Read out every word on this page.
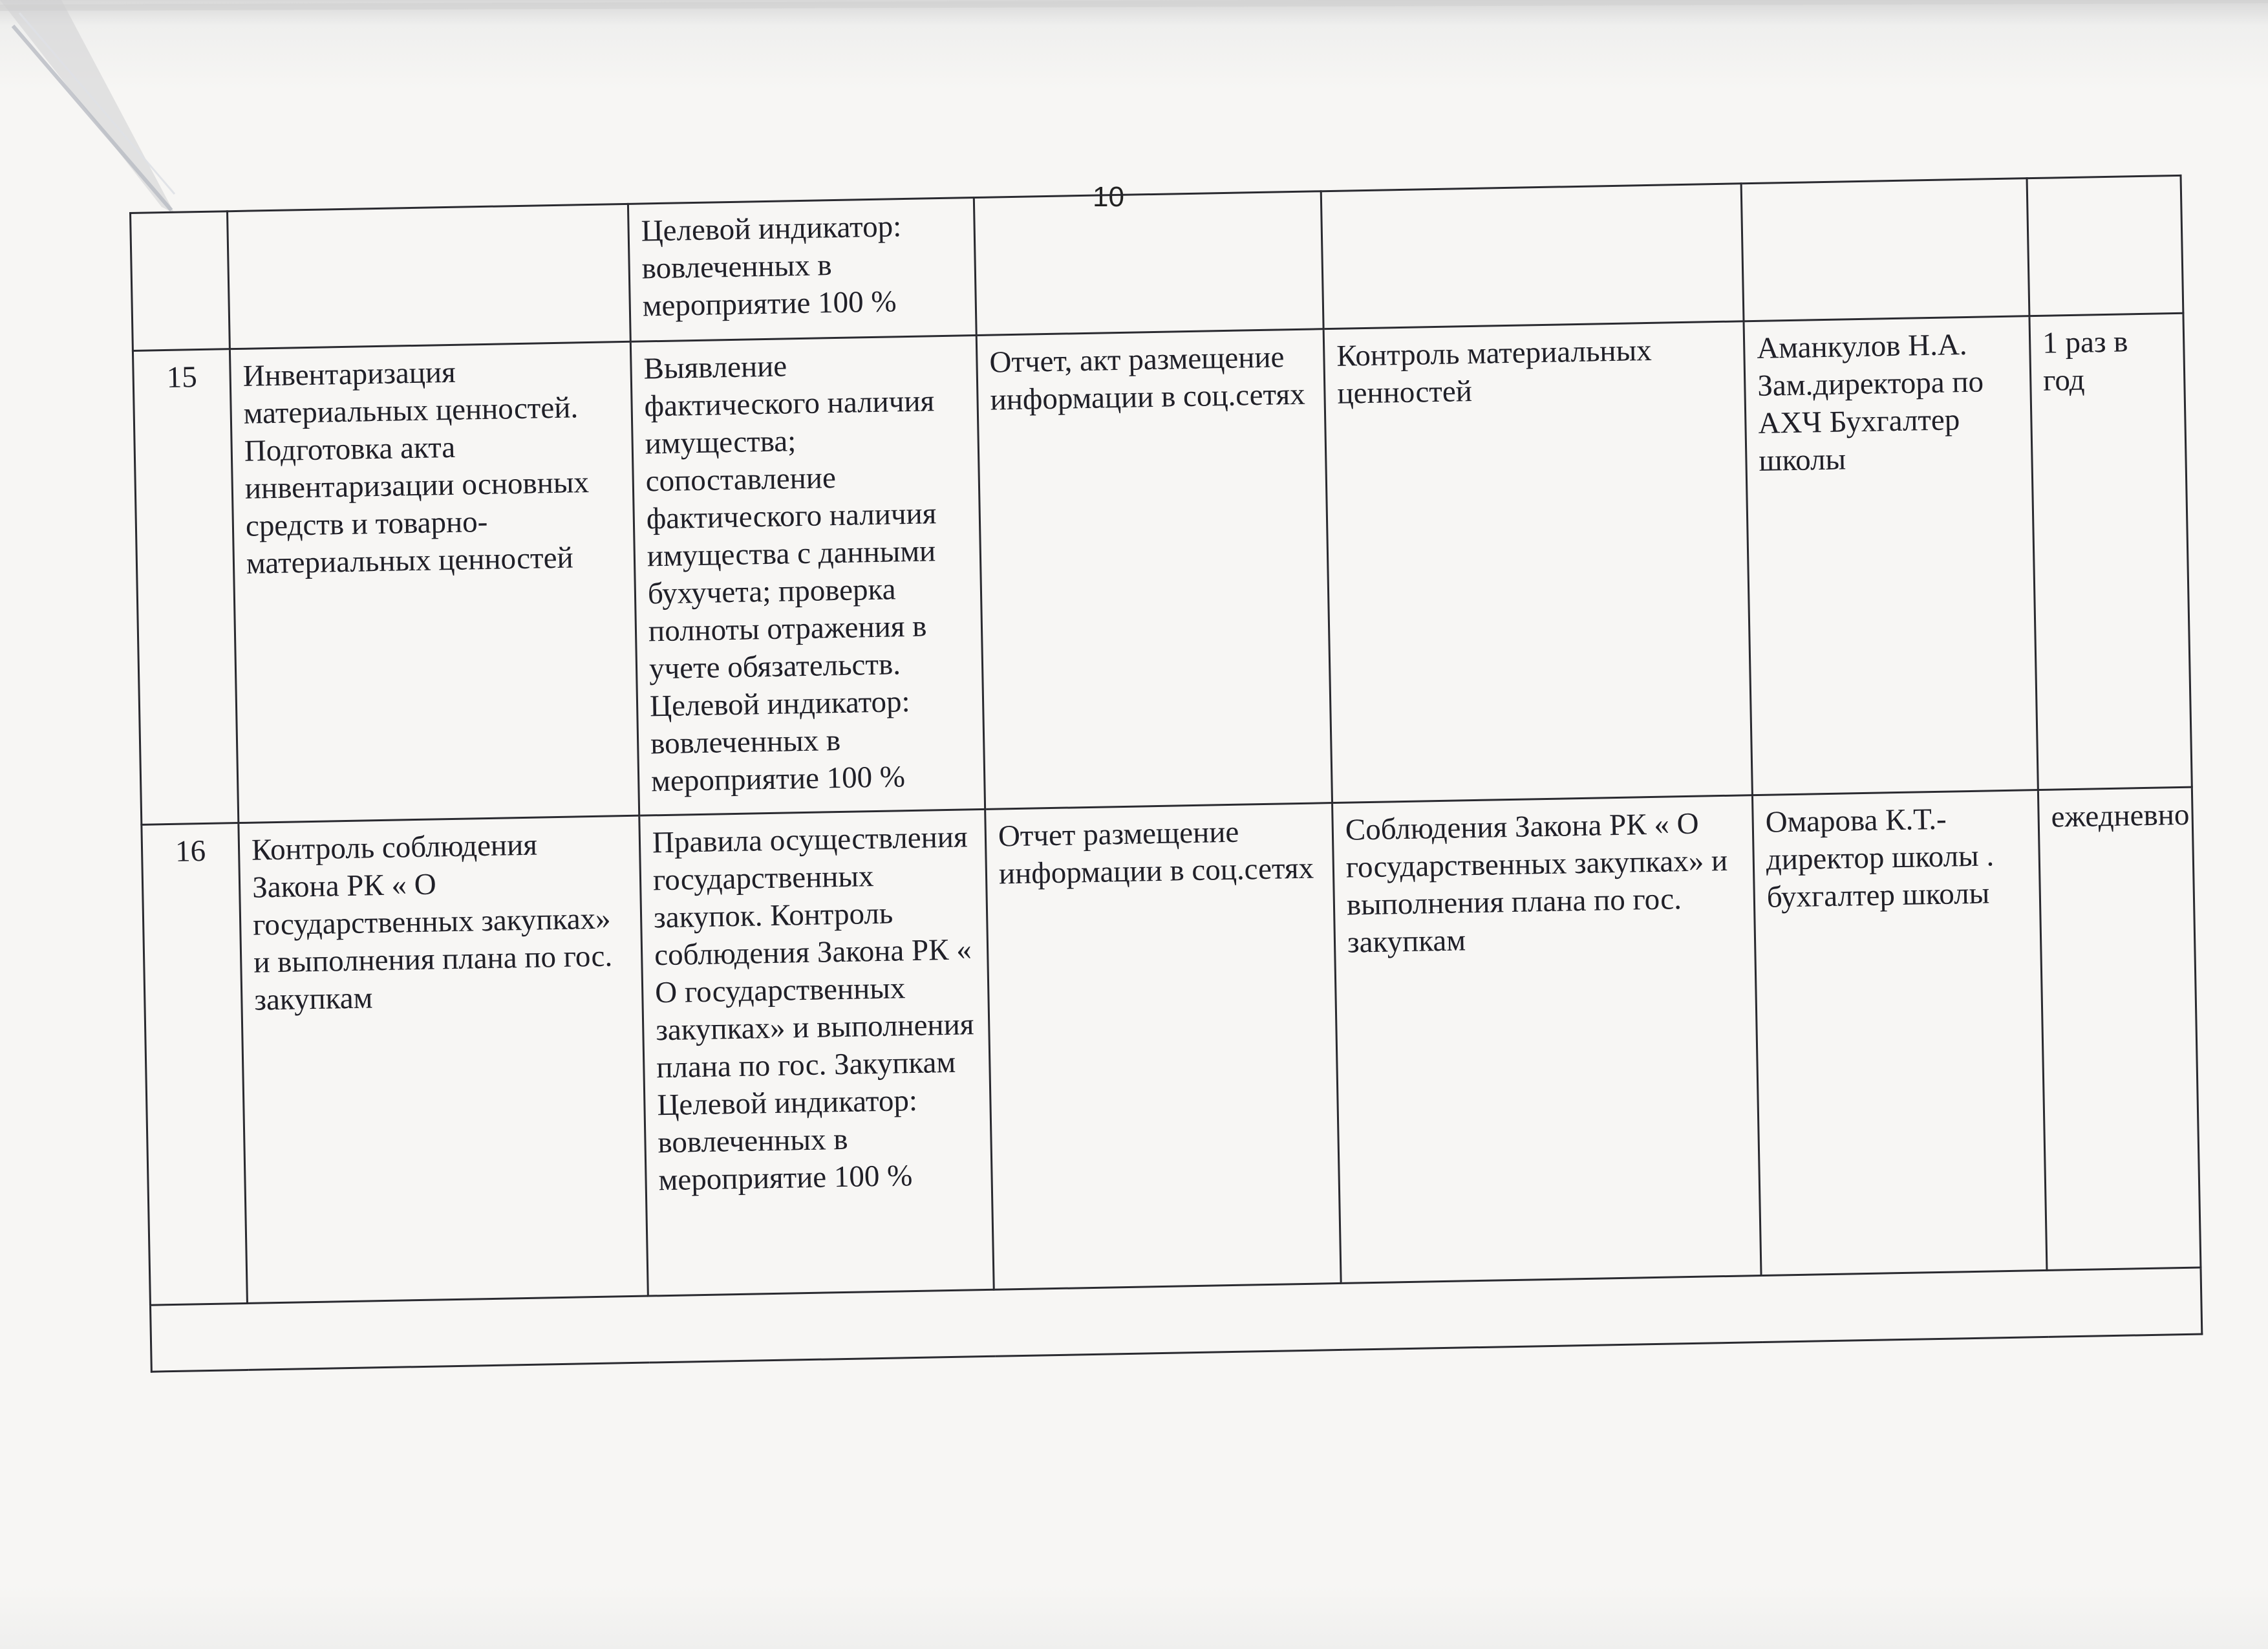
10
		Целевой индикатор: вовлеченных в мероприятие 100 %				
15	Инвентаризация материальных ценностей. Подготовка акта инвентаризации основных средств и товарно-материальных ценностей	Выявление фактического наличия имущества; сопоставление фактического наличия имущества с данными бухучета; проверка полноты отражения в учете обязательств. Целевой индикатор: вовлеченных в мероприятие 100 %	Отчет, акт размещение информации в соц.сетях	Контроль материальных ценностей	Аманкулов Н.А. Зам.директора по АХЧ Бухгалтер школы	1 раз в год
16	Контроль соблюдения Закона РК « О государственных закупках» и выполнения плана по гос. закупкам	Правила осуществления государственных закупок. Контроль соблюдения Закона РК « О государственных закупках» и выполнения плана по гос. Закупкам Целевой индикатор: вовлеченных в мероприятие 100 %	Отчет размещение информации в соц.сетях	Соблюдения Закона РК « О государственных закупках» и выполнения плана по гос. закупкам	Омарова К.Т.- директор школы . бухгалтер школы	ежедневно
